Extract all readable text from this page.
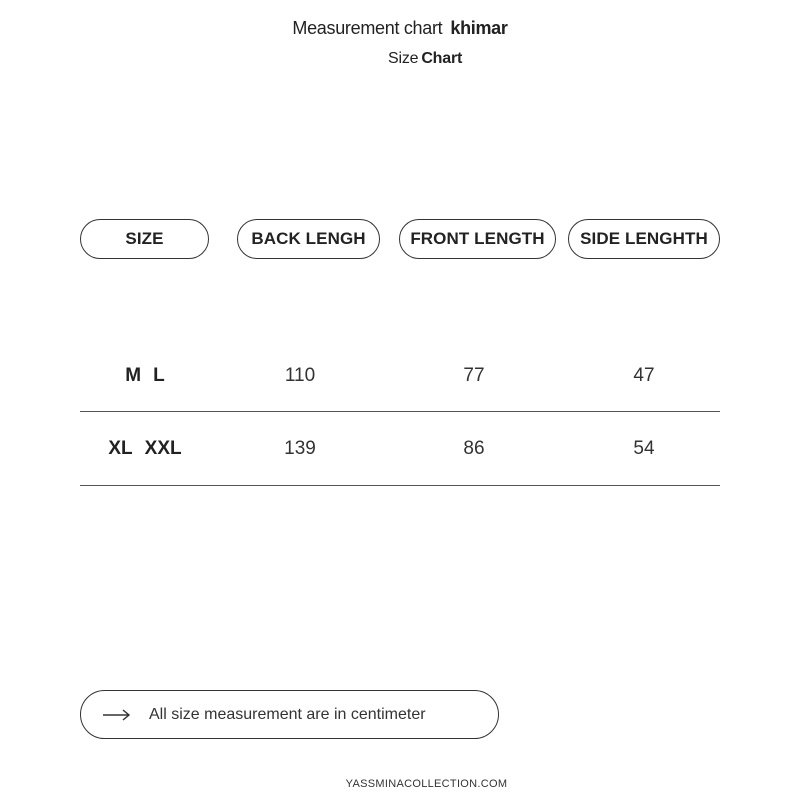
Measurement chart khimar
Size Chart
SIZE	BACK LENGH	FRONT LENGTH	SIDE LENGHTH
M L	110	77	47
XL XXL	139	86	54
All size measurement are in centimeter
YASSMINACOLLECTION.COM
